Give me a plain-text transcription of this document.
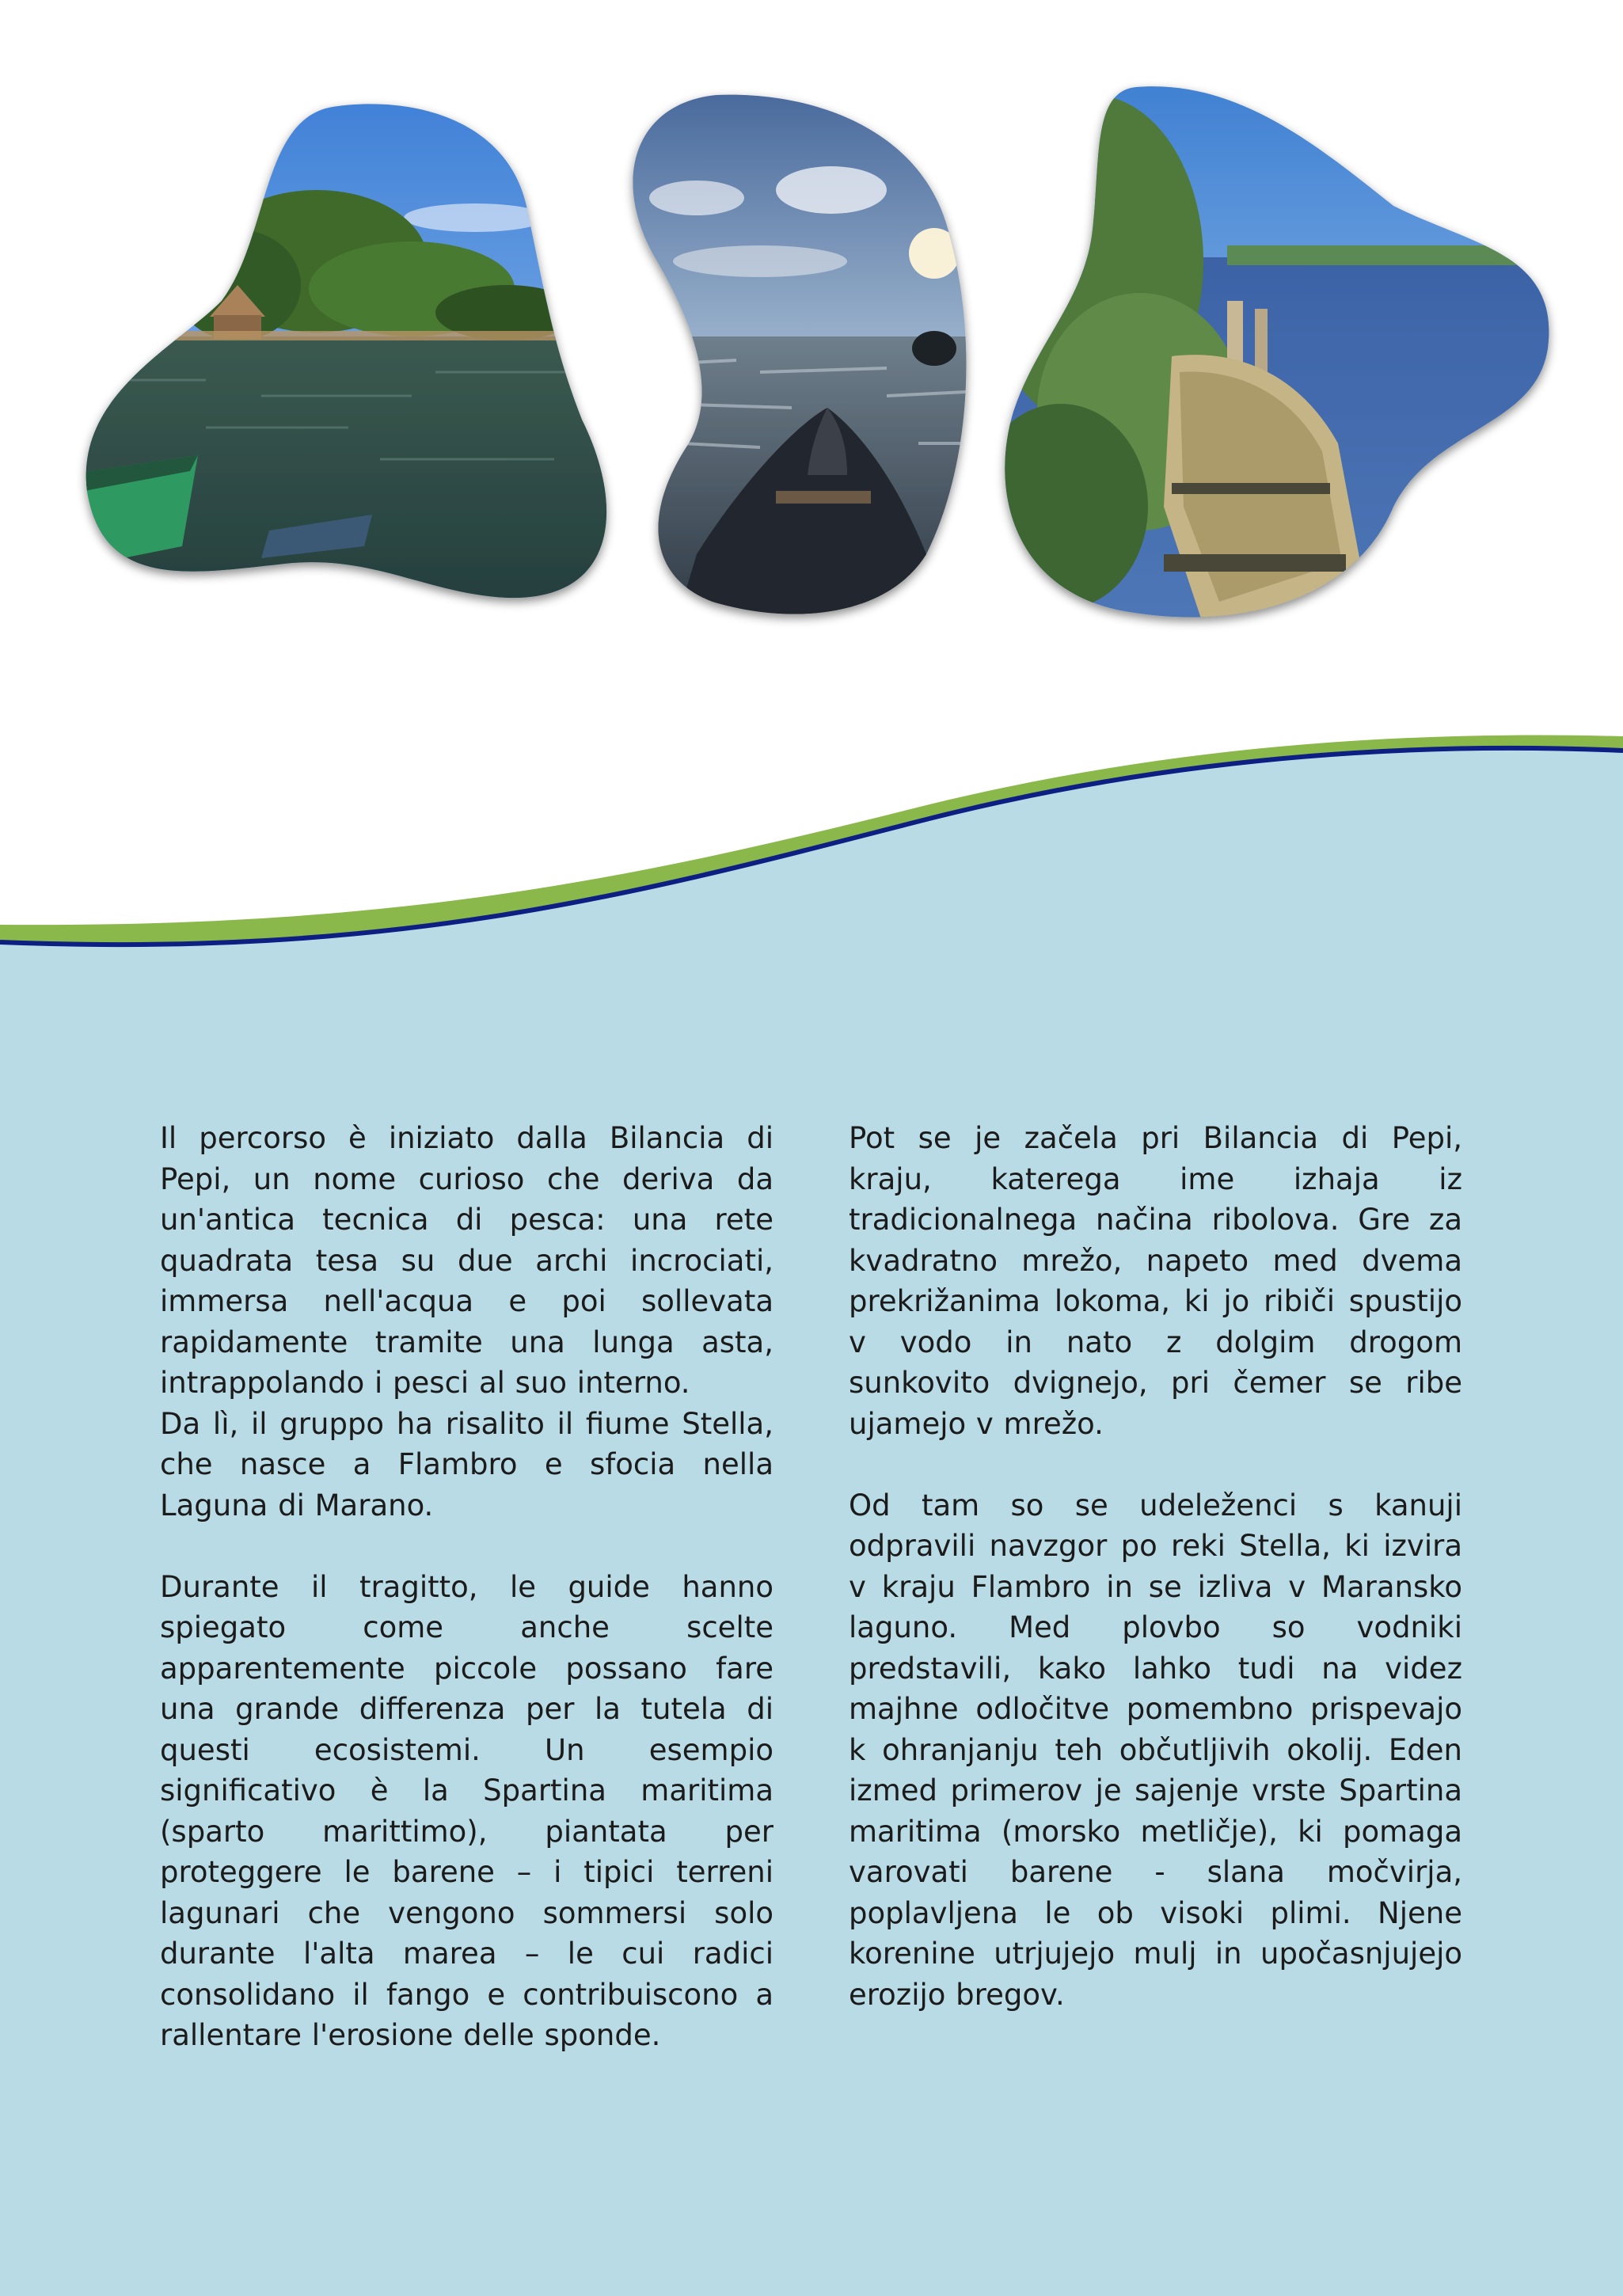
Il percorso è iniziato dalla Bilancia di Pepi, un nome curioso che deriva da un'antica tecnica di pesca: una rete quadrata tesa su due archi incrociati, immersa nell'acqua e poi sollevata rapidamente tramite una lunga asta, intrappolando i pesci al suo interno.

Da lì, il gruppo ha risalito il fiume Stella, che nasce a Flambro e sfocia nella Laguna di Marano.

Durante il tragitto, le guide hanno spiegato come anche scelte apparentemente piccole possano fare una grande differenza per la tutela di questi ecosistemi. Un esempio significativo è la Spartina maritima (sparto marittimo), piantata per proteggere le barene – i tipici terreni lagunari che vengono sommersi solo durante l'alta marea – le cui radici consolidano il fango e contribuiscono a rallentare l'erosione delle sponde.

Pot se je začela pri Bilancia di Pepi, kraju, katerega ime izhaja iz tradicionalnega načina ribolova. Gre za kvadratno mrežo, napeto med dvema prekrižanima lokoma, ki jo ribiči spustijo v vodo in nato z dolgim drogom sunkovito dvignejo, pri čemer se ribe ujamejo v mrežo.

Od tam so se udeleženci s kanuji odpravili navzgor po reki Stella, ki izvira v kraju Flambro in se izliva v Maransko laguno. Med plovbo so vodniki predstavili, kako lahko tudi na videz majhne odločitve pomembno prispevajo k ohranjanju teh občutljivih okolij. Eden izmed primerov je sajenje vrste Spartina maritima (morsko metličje), ki pomaga varovati barene - slana močvirja, poplavljena le ob visoki plimi. Njene korenine utrjujejo mulj in upočasnjujejo erozijo bregov.
